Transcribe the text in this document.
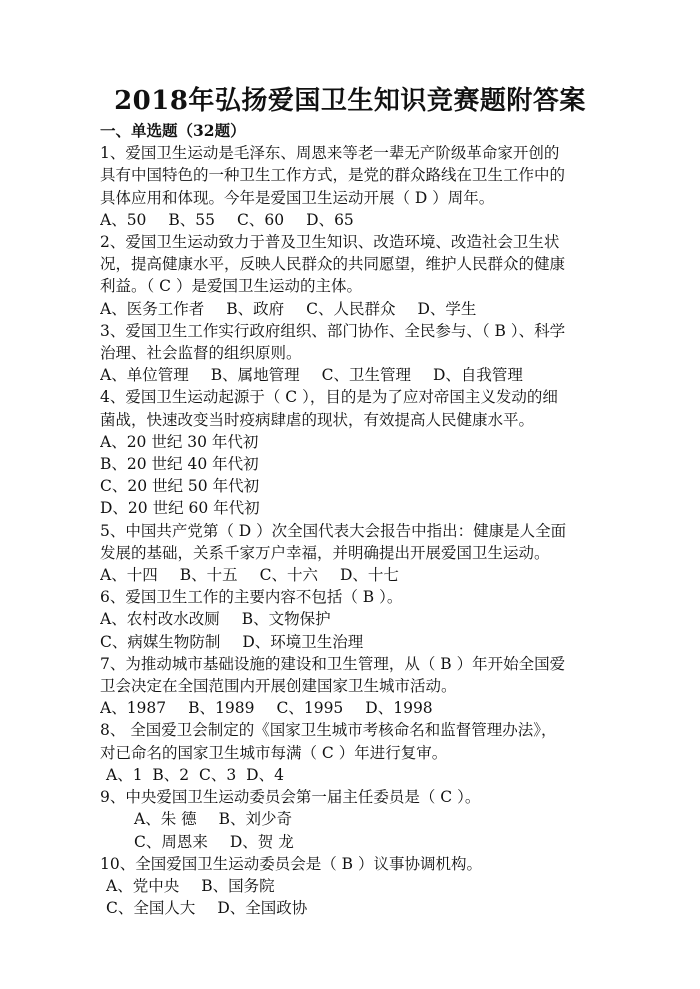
2018年弘扬爱国卫生知识竞赛题附答案
一、单选题（32题）
1、爱国卫生运动是毛泽东、周恩来等老一辈无产阶级革命家开创的
具有中国特色的一种卫生工作方式，是党的群众路线在卫生工作中的
具体应用和体现。今年是爱国卫生运动开展（ D ）周年。
A、50 B、55 C、60 D、65
2、爱国卫生运动致力于普及卫生知识、改造环境、改造社会卫生状
况，提高健康水平，反映人民群众的共同愿望，维护人民群众的健康
利益。（ C ）是爱国卫生运动的主体。
A、医务工作者 B、政府 C、人民群众 D、学生
3、爱国卫生工作实行政府组织、部门协作、全民参与、（ B ）、科学
治理、社会监督的组织原则。
A、单位管理 B、属地管理 C、卫生管理 D、自我管理
4、爱国卫生运动起源于（ C ），目的是为了应对帝国主义发动的细
菌战，快速改变当时疫病肆虐的现状，有效提高人民健康水平。
A、20 世纪 30 年代初
B、20 世纪 40 年代初
C、20 世纪 50 年代初
D、20 世纪 60 年代初
5、中国共产党第（ D ）次全国代表大会报告中指出：健康是人全面
发展的基础，关系千家万户幸福，并明确提出开展爱国卫生运动。
A、十四 B、十五 C、十六 D、十七
6、爱国卫生工作的主要内容不包括（ B ）。
A、农村改水改厕 B、文物保护
C、病媒生物防制 D、环境卫生治理
7、为推动城市基础设施的建设和卫生管理，从（ B ）年开始全国爱
卫会决定在全国范围内开展创建国家卫生城市活动。
A、1987 B、1989 C、1995 D、1998
8、 全国爱卫会制定的《国家卫生城市考核命名和监督管理办法》，
对已命名的国家卫生城市每满（ C ）年进行复审。
A、1 B、2 C、3 D、4
9、中央爱国卫生运动委员会第一届主任委员是（ C ）。
A、朱 德 B、刘少奇
C、周恩来 D、贺 龙
10、全国爱国卫生运动委员会是（ B ）议事协调机构。
A、党中央 B、国务院
C、全国人大 D、全国政协
